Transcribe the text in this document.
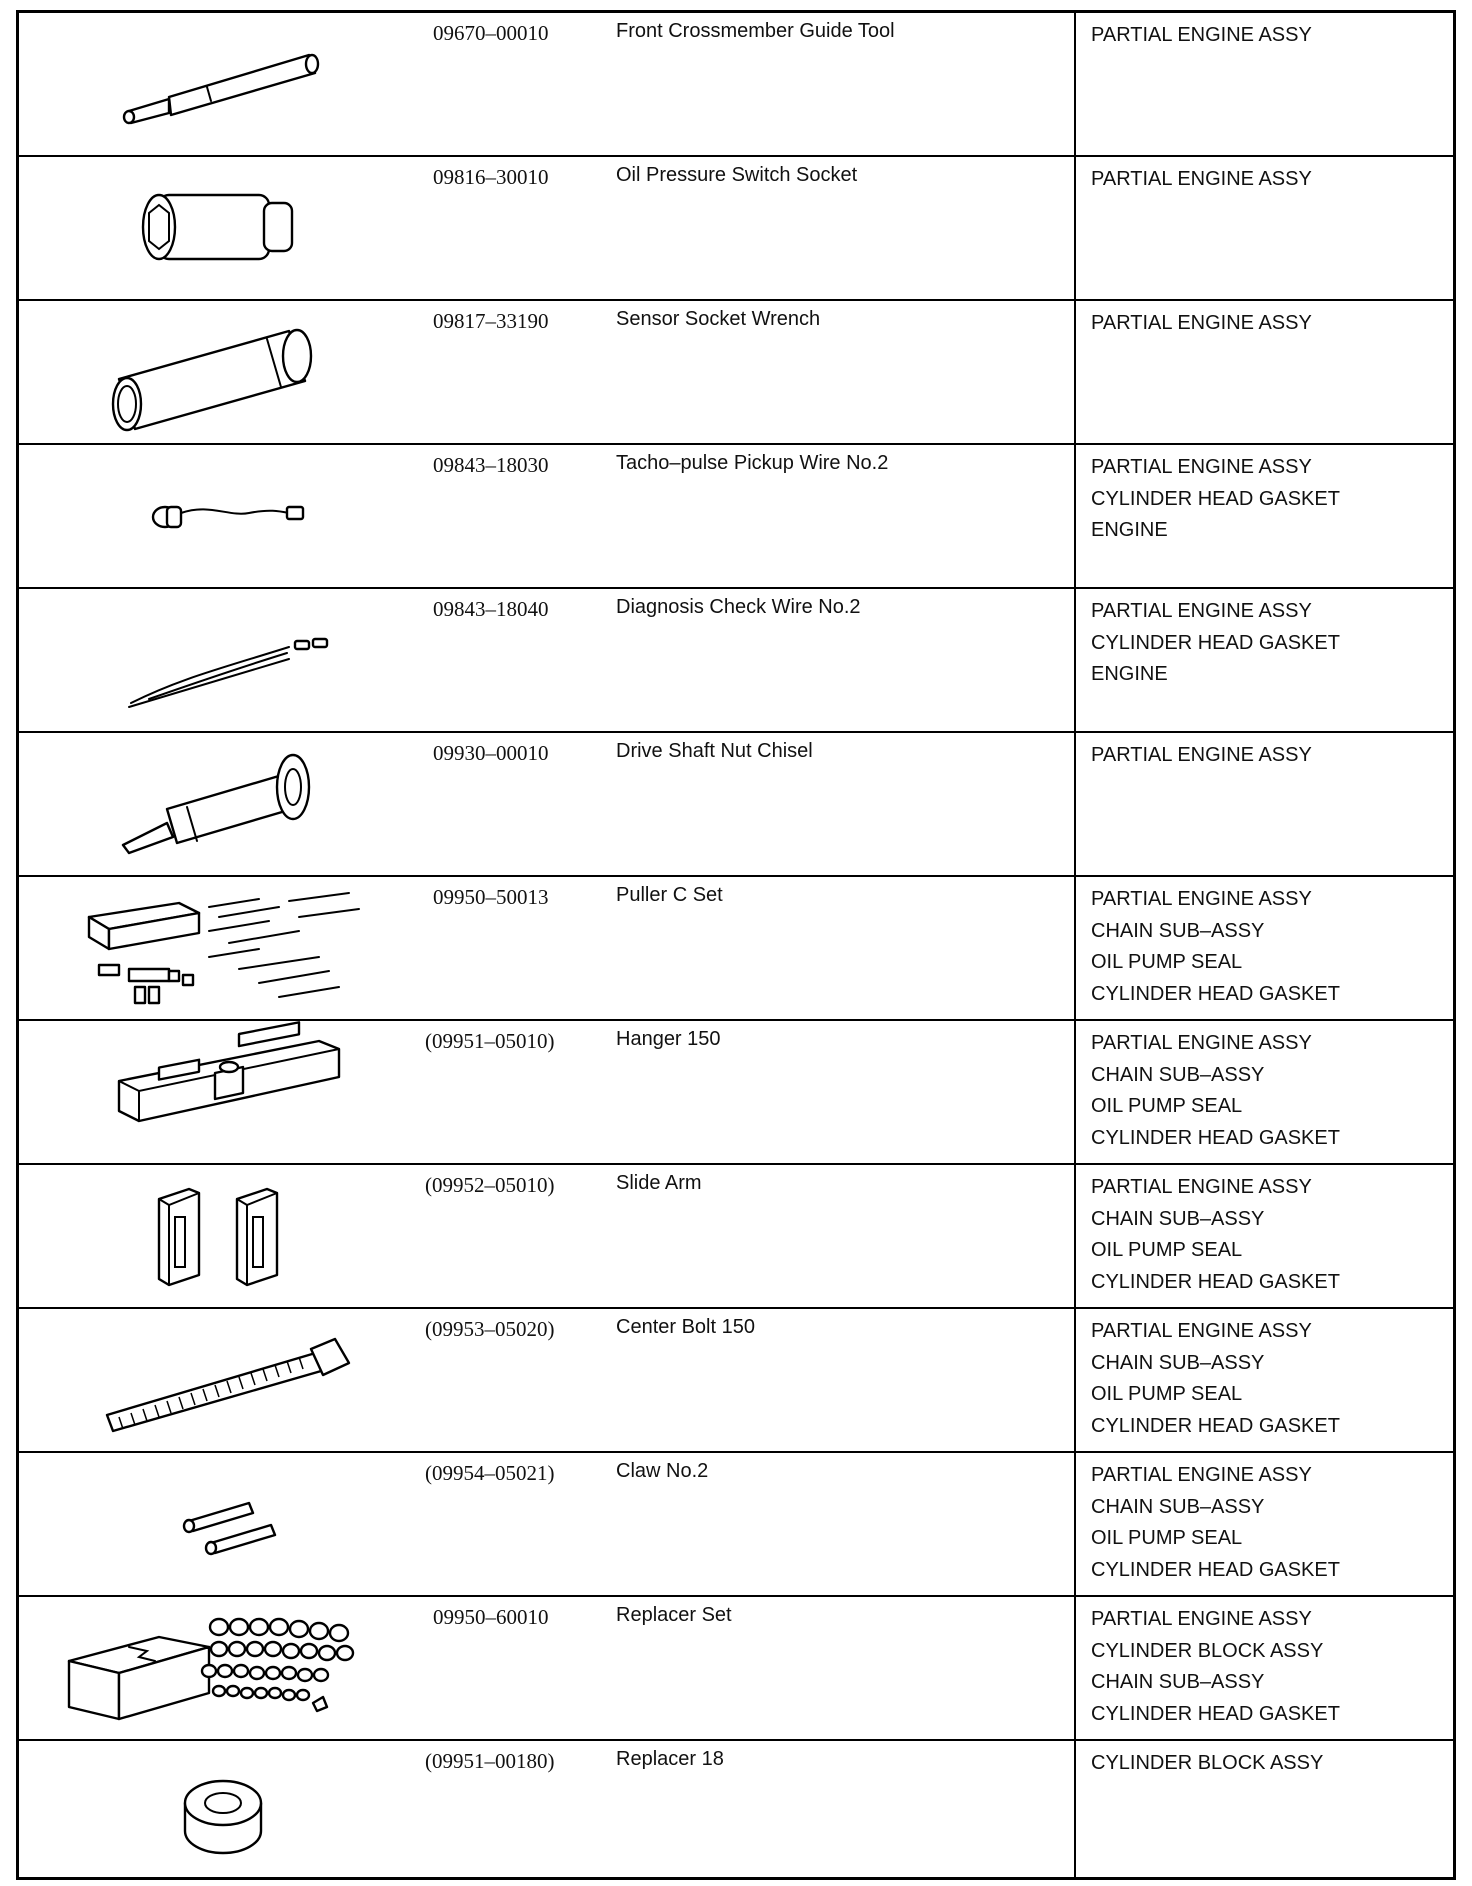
09670–00010	Front Crossmember Guide Tool	PARTIAL ENGINE ASSY
09816–30010	Oil Pressure Switch Socket	PARTIAL ENGINE ASSY
09817–33190	Sensor Socket Wrench	PARTIAL ENGINE ASSY
09843–18030	Tacho–pulse Pickup Wire No.2	PARTIAL ENGINE ASSY
CYLINDER HEAD GASKET
ENGINE
09843–18040	Diagnosis Check Wire No.2	PARTIAL ENGINE ASSY
CYLINDER HEAD GASKET
ENGINE
09930–00010	Drive Shaft Nut Chisel	PARTIAL ENGINE ASSY
09950–50013	Puller C Set	PARTIAL ENGINE ASSY
CHAIN SUB–ASSY
OIL PUMP SEAL
CYLINDER HEAD GASKET
(09951–05010)	Hanger 150	PARTIAL ENGINE ASSY
CHAIN SUB–ASSY
OIL PUMP SEAL
CYLINDER HEAD GASKET
(09952–05010)	Slide Arm	PARTIAL ENGINE ASSY
CHAIN SUB–ASSY
OIL PUMP SEAL
CYLINDER HEAD GASKET
(09953–05020)	Center Bolt 150	PARTIAL ENGINE ASSY
CHAIN SUB–ASSY
OIL PUMP SEAL
CYLINDER HEAD GASKET
(09954–05021)	Claw No.2	PARTIAL ENGINE ASSY
CHAIN SUB–ASSY
OIL PUMP SEAL
CYLINDER HEAD GASKET
09950–60010	Replacer Set	PARTIAL ENGINE ASSY
CYLINDER BLOCK ASSY
CHAIN SUB–ASSY
CYLINDER HEAD GASKET
(09951–00180)	Replacer 18	CYLINDER BLOCK ASSY
